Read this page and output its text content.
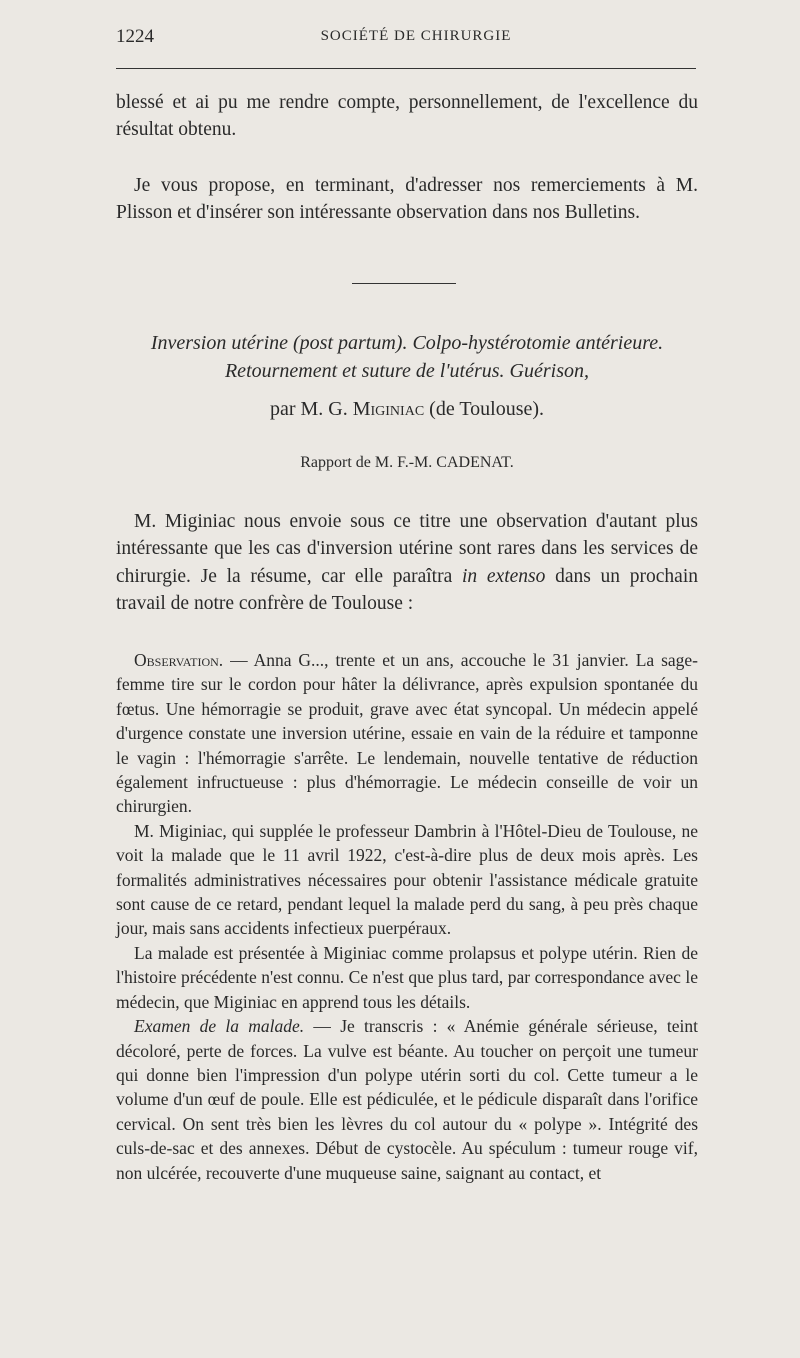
1224	SOCIÉTÉ DE CHIRURGIE

blessé et ai pu me rendre compte, personnellement, de l'excellence du résultat obtenu.

Je vous propose, en terminant, d'adresser nos remerciements à M. Plisson et d'insérer son intéressante observation dans nos Bulletins.

Inversion utérine (post partum). Colpo-hystérotomie antérieure.
Retournement et suture de l'utérus. Guérison,
par M. G. Miginiac (de Toulouse).
Rapport de M. F.-M. CADENAT.

M. Miginiac nous envoie sous ce titre une observation d'autant plus intéressante que les cas d'inversion utérine sont rares dans les services de chirurgie. Je la résume, car elle paraîtra in extenso dans un prochain travail de notre confrère de Toulouse :

Observation. — Anna G..., trente et un ans, accouche le 31 janvier. La sage-femme tire sur le cordon pour hâter la délivrance, après expulsion spontanée du fœtus. Une hémorragie se produit, grave avec état syncopal. Un médecin appelé d'urgence constate une inversion utérine, essaie en vain de la réduire et tamponne le vagin : l'hémorragie s'arrête. Le lendemain, nouvelle tentative de réduction également infructueuse : plus d'hémorragie. Le médecin conseille de voir un chirurgien.

M. Miginiac, qui supplée le professeur Dambrin à l'Hôtel-Dieu de Toulouse, ne voit la malade que le 11 avril 1922, c'est-à-dire plus de deux mois après. Les formalités administratives nécessaires pour obtenir l'assistance médicale gratuite sont cause de ce retard, pendant lequel la malade perd du sang, à peu près chaque jour, mais sans accidents infectieux puerpéraux.

La malade est présentée à Miginiac comme prolapsus et polype utérin. Rien de l'histoire précédente n'est connu. Ce n'est que plus tard, par correspondance avec le médecin, que Miginiac en apprend tous les détails.

Examen de la malade. — Je transcris : « Anémie générale sérieuse, teint décoloré, perte de forces. La vulve est béante. Au toucher on perçoit une tumeur qui donne bien l'impression d'un polype utérin sorti du col. Cette tumeur a le volume d'un œuf de poule. Elle est pédiculée, et le pédicule disparaît dans l'orifice cervical. On sent très bien les lèvres du col autour du « polype ». Intégrité des culs-de-sac et des annexes. Début de cystocèle. Au spéculum : tumeur rouge vif, non ulcérée, recouverte d'une muqueuse saine, saignant au contact, et
